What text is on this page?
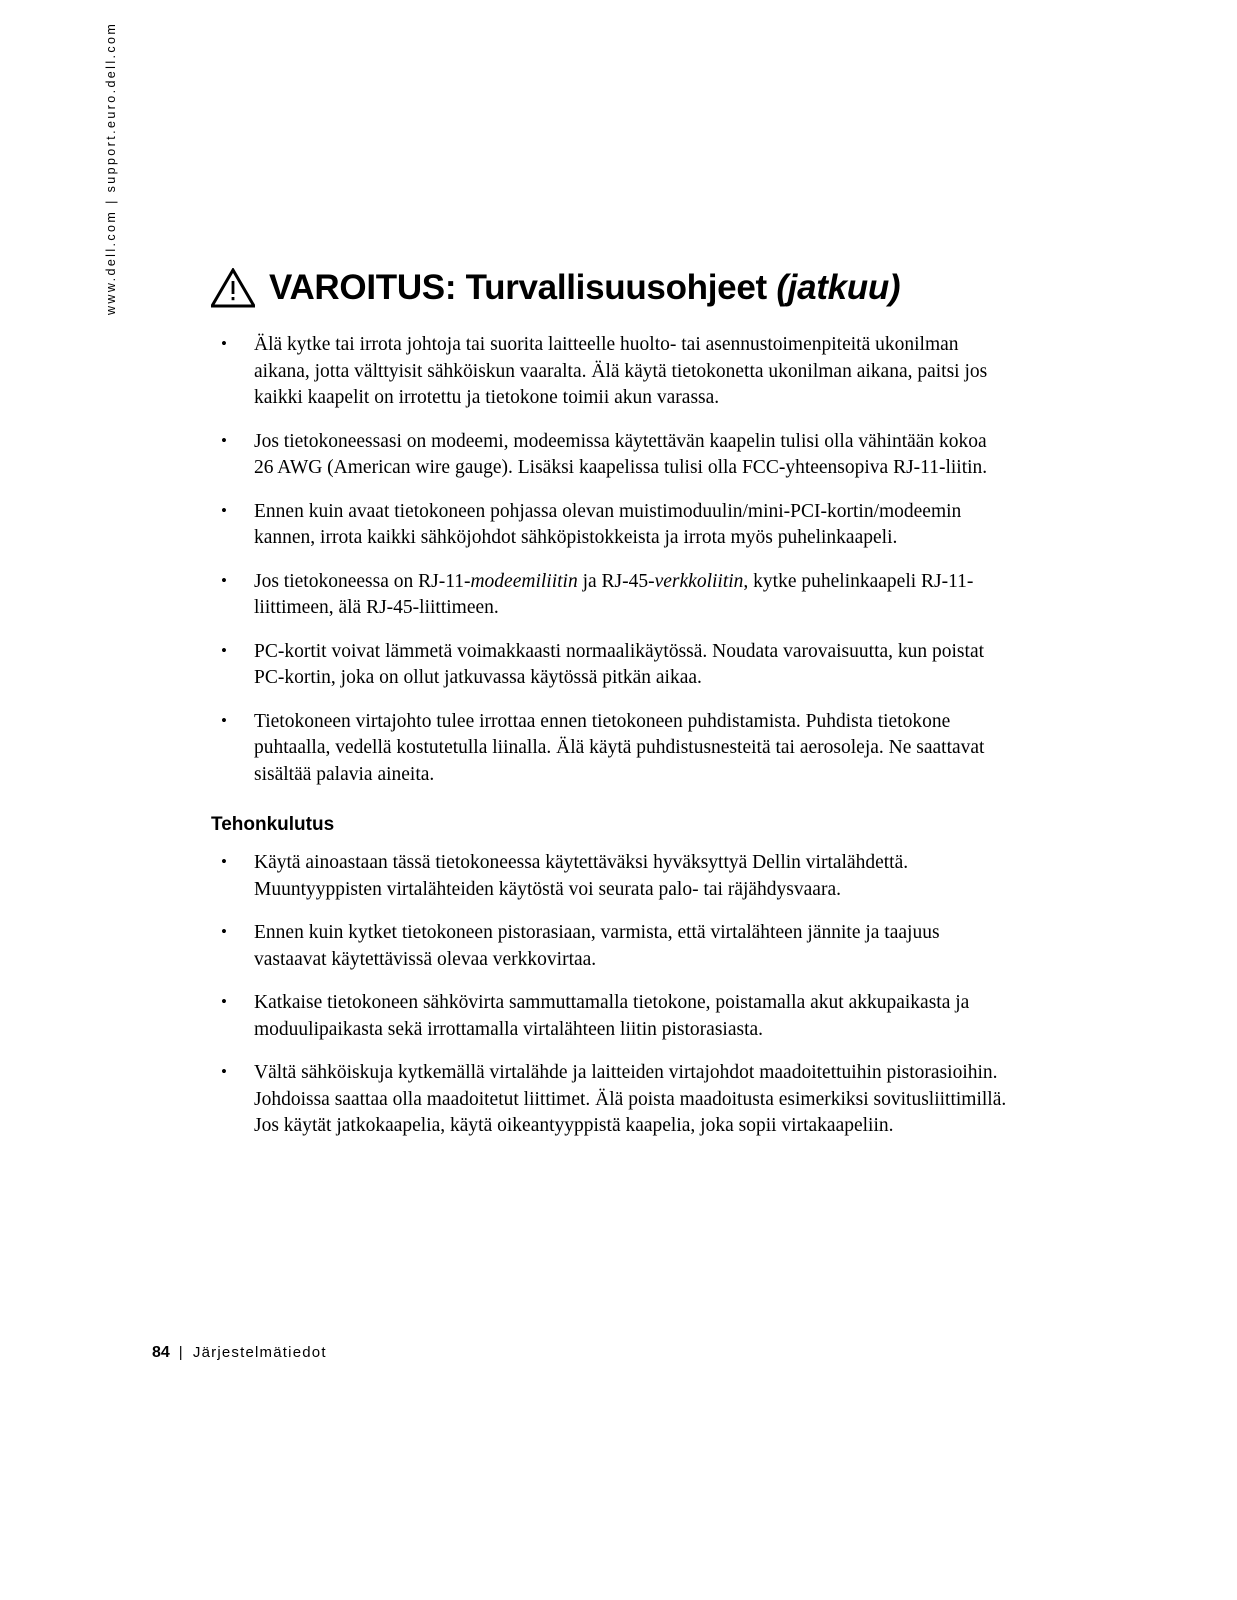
www.dell.com | support.euro.dell.com	VAROITUS: Turvallisuusohjeet (jatkuu)
• Älä kytke tai irrota johtoja tai suorita laitteelle huolto- tai asennustoimenpiteitä ukonilman aikana, jotta välttyisit sähköiskun vaaralta. Älä käytä tietokonetta ukonilman aikana, paitsi jos kaikki kaapelit on irrotettu ja tietokone toimii akun varassa.
• Jos tietokoneessasi on modeemi, modeemissa käytettävän kaapelin tulisi olla vähintään kokoa 26 AWG (American wire gauge). Lisäksi kaapelissa tulisi olla FCC-yhteensopiva RJ-11-liitin.
• Ennen kuin avaat tietokoneen pohjassa olevan muistimoduulin/mini-PCI-kortin/modeemin kannen, irrota kaikki sähköjohdot sähköpistokkeista ja irrota myös puhelinkaapeli.
• Jos tietokoneessa on RJ-11-modeemiliitin ja RJ-45-verkkoliitin, kytke puhelinkaapeli RJ-11-liittimeen, älä RJ-45-liittimeen.
• PC-kortit voivat lämmetä voimakkaasti normaalikäytössä. Noudata varovaisuutta, kun poistat PC-kortin, joka on ollut jatkuvassa käytössä pitkän aikaa.
• Tietokoneen virtajohto tulee irrottaa ennen tietokoneen puhdistamista. Puhdista tietokone puhtaalla, vedellä kostutetulla liinalla. Älä käytä puhdistusnesteitä tai aerosoleja. Ne saattavat sisältää palavia aineita.
Tehonkulutus
• Käytä ainoastaan tässä tietokoneessa käytettäväksi hyväksyttyä Dellin virtalähdettä. Muuntyyppisten virtalähteiden käytöstä voi seurata palo- tai räjähdysvaara.
• Ennen kuin kytket tietokoneen pistorasiaan, varmista, että virtalähteen jännite ja taajuus vastaavat käytettävissä olevaa verkkovirtaa.
• Katkaise tietokoneen sähkövirta sammuttamalla tietokone, poistamalla akut akkupaikasta ja moduulipaikasta sekä irrottamalla virtalähteen liitin pistorasiasta.
• Vältä sähköiskuja kytkemällä virtalähde ja laitteiden virtajohdot maadoitettuihin pistorasioihin. Johdoissa saattaa olla maadoitetut liittimet. Älä poista maadoitusta esimerkiksi sovitusliittimillä. Jos käytät jatkokaapelia, käytä oikeantyyppistä kaapelia, joka sopii virtakaapeliin.
84 | Järjestelmätiedot
